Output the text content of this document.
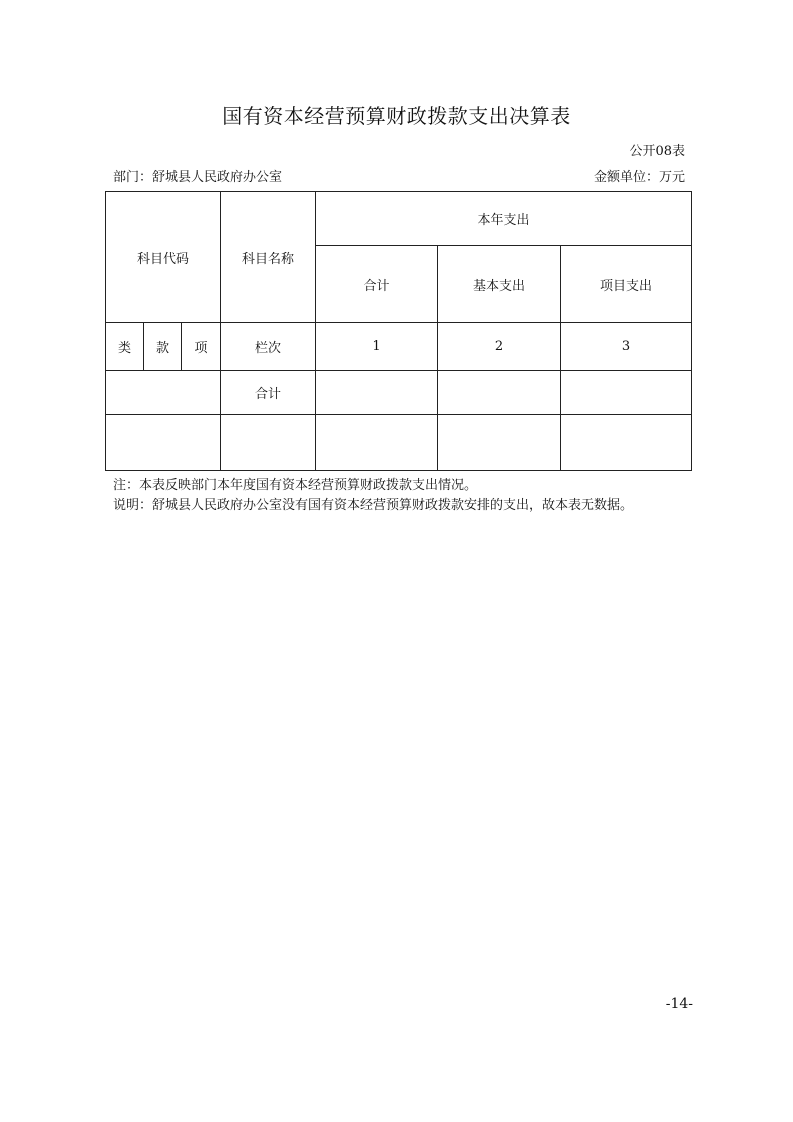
国有资本经营预算财政拨款支出决算表
公开08表
部门：舒城县人民政府办公室	金额单位：万元
科目代码			科目名称	本年支出		
				合计	基本支出	项目支出
类	款	项	栏次	1	2	3
			合计			

注：本表反映部门本年度国有资本经营预算财政拨款支出情况。
说明：舒城县人民政府办公室没有国有资本经营预算财政拨款安排的支出，故本表无数据。
-14-
